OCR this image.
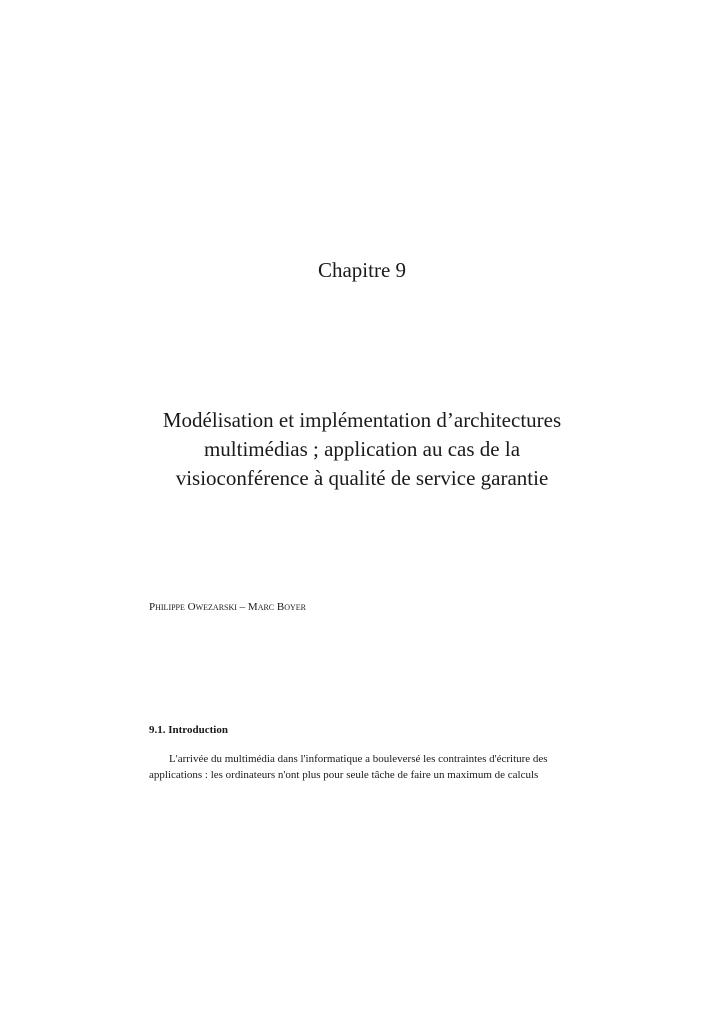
Chapitre 9
Modélisation et implémentation d’architectures
multimédias ; application au cas de la
visioconférence à qualité de service garantie
Philippe Owezarski – Marc Boyer
9.1. Introduction
L'arrivée du multimédia dans l'informatique a bouleversé les contraintes d'écriture des
applications : les ordinateurs n'ont plus pour seule tâche de faire un maximum de calculs
